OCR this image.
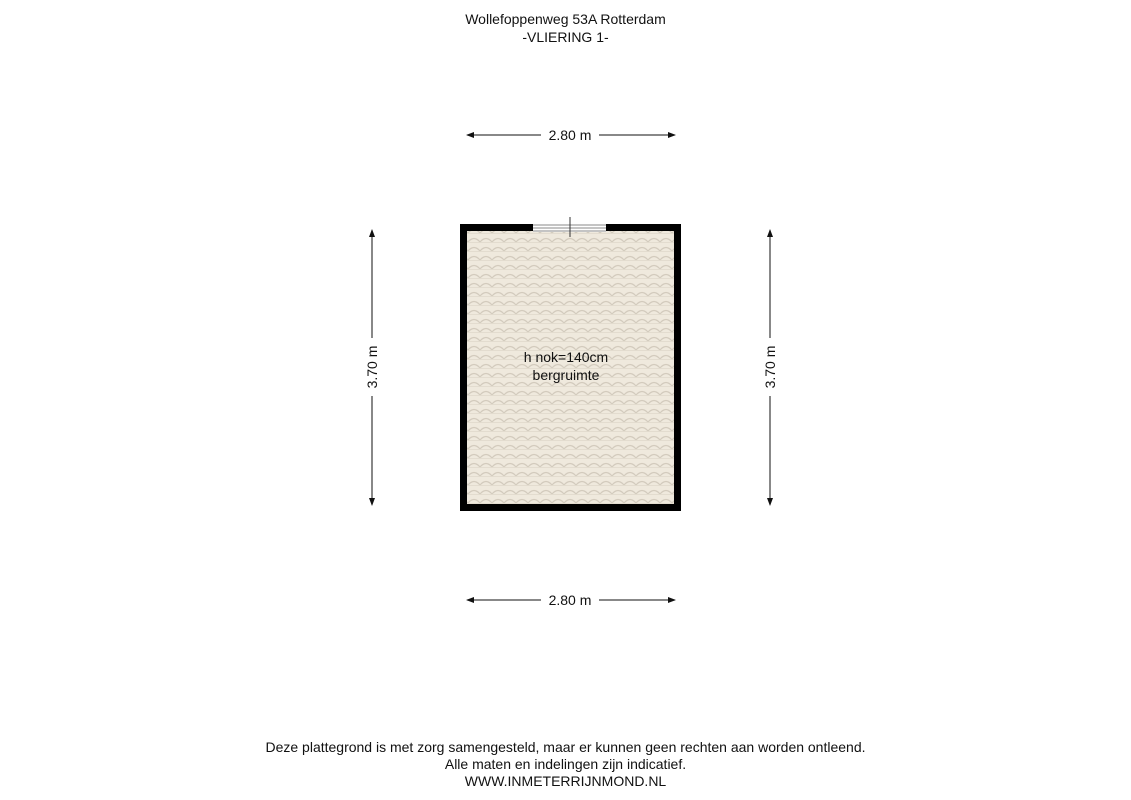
Wollefoppenweg 53A Rotterdam
-VLIERING 1-
2.80 m
2.80 m
3.70 m	3.70 m
h nok=140cm
bergruimte
Deze plattegrond is met zorg samengesteld, maar er kunnen geen rechten aan worden ontleend.
Alle maten en indelingen zijn indicatief.
WWW.INMETERRIJNMOND.NL
